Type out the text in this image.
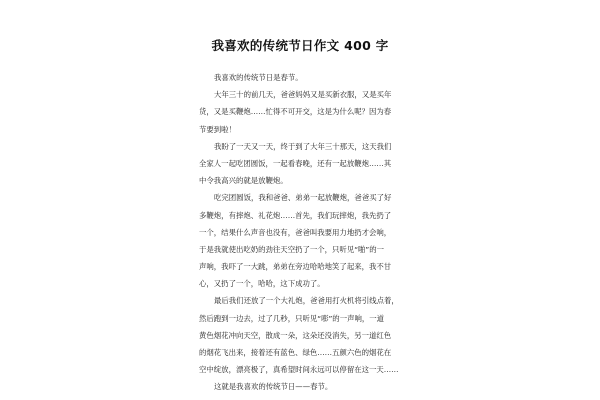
我喜欢的传统节日作文 400 字
我喜欢的传统节日是春节。
大年三十的前几天，爸爸妈妈又是买新衣服，又是买年
货，又是买鞭炮……忙得不可开交，这是为什么呢？因为春
节要到啦！
我盼了一天又一天，终于到了大年三十那天，这天我们
全家人一起吃团圆饭，一起看春晚，还有一起放鞭炮……其
中令我高兴的就是放鞭炮。
吃完团圆饭，我和爸爸、弟弟一起放鞭炮，爸爸买了好
多鞭炮，有摔炮、礼花炮……首先，我们玩摔炮，我先扔了
一个，结果什么声音也没有，爸爸叫我要用力地扔才会响，
于是我就使出吃奶的劲往天空扔了一个，只听见“啪”的一
声响，我吓了一大跳，弟弟在旁边哈哈地笑了起来，我不甘
心，又扔了一个，哈哈，这下成功了。
最后我们还放了一个大礼炮，爸爸用打火机将引线点着，
然后跑到一边去，过了几秒，只听见“嘭”的一声响，一道
黄色烟花冲向天空，散成一朵，这朵还没消失，另一道红色
的烟花飞出来，接着还有蓝色、绿色……五颜六色的烟花在
空中绽放，漂亮极了，真希望时间永远可以停留在这一天……
这就是我喜欢的传统节日——春节。
